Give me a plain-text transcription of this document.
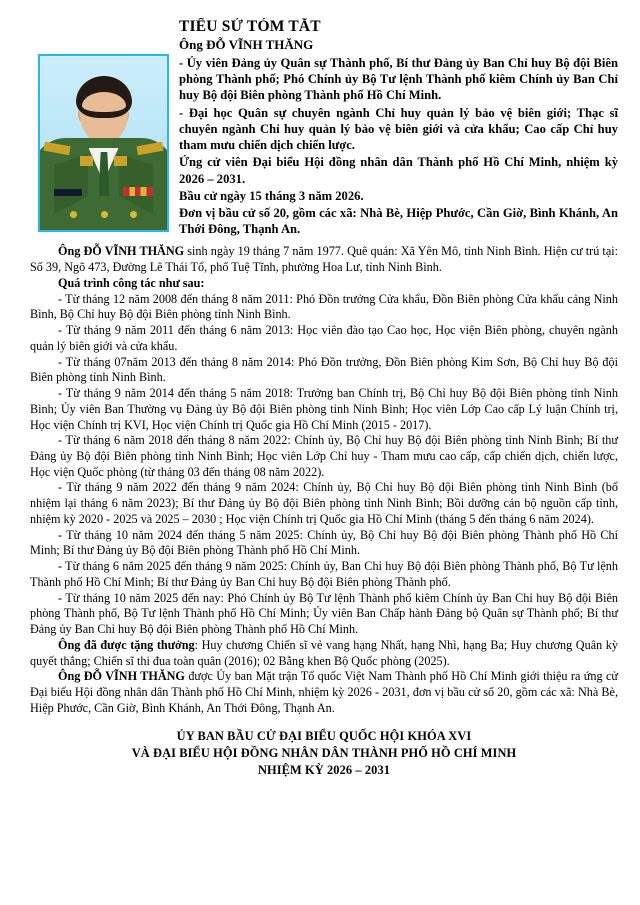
TIỂU SỬ TÓM TẮT
Ông ĐỖ VĨNH THĂNG

- Ủy viên Đảng ủy Quân sự Thành phố, Bí thư Đảng ủy Ban Chỉ huy Bộ đội Biên phòng Thành phố; Phó Chính ủy Bộ Tư lệnh Thành phố kiêm Chính ủy Ban Chỉ huy Bộ đội Biên phòng Thành phố Hồ Chí Minh.

- Đại học Quân sự chuyên ngành Chỉ huy quản lý bảo vệ biên giới; Thạc sĩ chuyên ngành Chỉ huy quản lý bảo vệ biên giới và cửa khẩu; Cao cấp Chỉ huy tham mưu chiến dịch chiến lược.

Ứng cử viên Đại biểu Hội đồng nhân dân Thành phố Hồ Chí Minh, nhiệm kỳ 2026 – 2031.

Bầu cử ngày 15 tháng 3 năm 2026.

Đơn vị bầu cử số 20, gồm các xã: Nhà Bè, Hiệp Phước, Cần Giờ, Bình Khánh, An Thới Đông, Thạnh An.

Ông ĐỖ VĨNH THĂNG sinh ngày 19 tháng 7 năm 1977. Quê quán: Xã Yên Mô, tỉnh Ninh Bình. Hiện cư trú tại: Số 39, Ngõ 473, Đường Lê Thái Tổ, phố Tuệ Tĩnh, phường Hoa Lư, tỉnh Ninh Bình.

Quá trình công tác như sau:

- Từ tháng 12 năm 2008 đến tháng 8 năm 2011: Phó Đồn trưởng Cửa khẩu, Đồn Biên phòng Cửa khẩu cảng Ninh Bình, Bộ Chỉ huy Bộ đội Biên phòng tỉnh Ninh Bình.

- Từ tháng 9 năm 2011 đến tháng 6 năm 2013: Học viên đào tạo Cao học, Học viện Biên phòng, chuyên ngành quản lý biên giới và cửa khẩu.

- Từ tháng 07năm 2013 đến tháng 8 năm 2014: Phó Đồn trưởng, Đồn Biên phòng Kim Sơn, Bộ Chỉ huy Bộ đội Biên phòng tỉnh Ninh Bình.

- Từ tháng 9 năm 2014 đến tháng 5 năm 2018: Trưởng ban Chính trị, Bộ Chỉ huy Bộ đội Biên phòng tỉnh Ninh Bình; Ủy viên Ban Thường vụ Đảng ủy Bộ đội Biên phòng tỉnh Ninh Bình; Học viên Lớp Cao cấp Lý luận Chính trị, Học viện Chính trị KVI, Học viện Chính trị Quốc gia Hồ Chí Minh (2015 - 2017).

- Từ tháng 6 năm 2018 đến tháng 8 năm 2022: Chính ủy, Bộ Chỉ huy Bộ đội Biên phòng tỉnh Ninh Bình; Bí thư Đảng ủy Bộ đội Biên phòng tỉnh Ninh Bình; Học viên Lớp Chỉ huy - Tham mưu cao cấp, cấp chiến dịch, chiến lược, Học viện Quốc phòng (từ tháng 03 đến tháng 08 năm 2022).

- Từ tháng 9 năm 2022 đến tháng 9 năm 2024: Chính ủy, Bộ Chỉ huy Bộ đội Biên phòng tỉnh Ninh Bình (bổ nhiệm lại tháng 6 năm 2023); Bí thư Đảng ủy Bộ đội Biên phòng tỉnh Ninh Bình; Bồi dưỡng cán bộ nguồn cấp tỉnh, nhiệm kỳ 2020 - 2025 và 2025 – 2030 ; Học viện Chính trị Quốc gia Hồ Chí Minh (tháng 5 đến tháng 6 năm 2024).

- Từ tháng 10 năm 2024 đến tháng 5 năm 2025: Chính ủy, Bộ Chỉ huy Bộ đội Biên phòng Thành phố Hồ Chí Minh; Bí thư Đảng ủy Bộ đội Biên phòng Thành phố Hồ Chí Minh.

- Từ tháng 6 năm 2025 đến tháng 9 năm 2025: Chính ủy, Ban Chỉ huy Bộ đội Biên phòng Thành phố, Bộ Tư lệnh Thành phố Hồ Chí Minh; Bí thư Đảng ủy Ban Chỉ huy Bộ đội Biên phòng Thành phố.

- Từ tháng 10 năm 2025 đến nay: Phó Chính ủy Bộ Tư lệnh Thành phố kiêm Chính ủy Ban Chỉ huy Bộ đội Biên phòng Thành phố, Bộ Tư lệnh Thành phố Hồ Chí Minh; Ủy viên Ban Chấp hành Đảng bộ Quân sự Thành phố; Bí thư Đảng ủy Ban Chỉ huy Bộ đội Biên phòng Thành phố Hồ Chí Minh.

Ông đã được tặng thưởng: Huy chương Chiến sĩ vẻ vang hạng Nhất, hạng Nhì, hạng Ba; Huy chương Quân kỳ quyết thắng; Chiến sĩ thi đua toàn quân (2016); 02 Bằng khen Bộ Quốc phòng (2025).

Ông ĐỖ VĨNH THĂNG được Ủy ban Mặt trận Tổ quốc Việt Nam Thành phố Hồ Chí Minh giới thiệu ra ứng cử Đại biểu Hội đồng nhân dân Thành phố Hồ Chí Minh, nhiệm kỳ 2026 - 2031, đơn vị bầu cử số 20, gồm các xã: Nhà Bè, Hiệp Phước, Cần Giờ, Bình Khánh, An Thới Đông, Thạnh An.

ỦY BAN BẦU CỬ ĐẠI BIỂU QUỐC HỘI KHÓA XVI
VÀ ĐẠI BIỂU HỘI ĐỒNG NHÂN DÂN THÀNH PHỐ HỒ CHÍ MINH
NHIỆM KỲ 2026 – 2031
